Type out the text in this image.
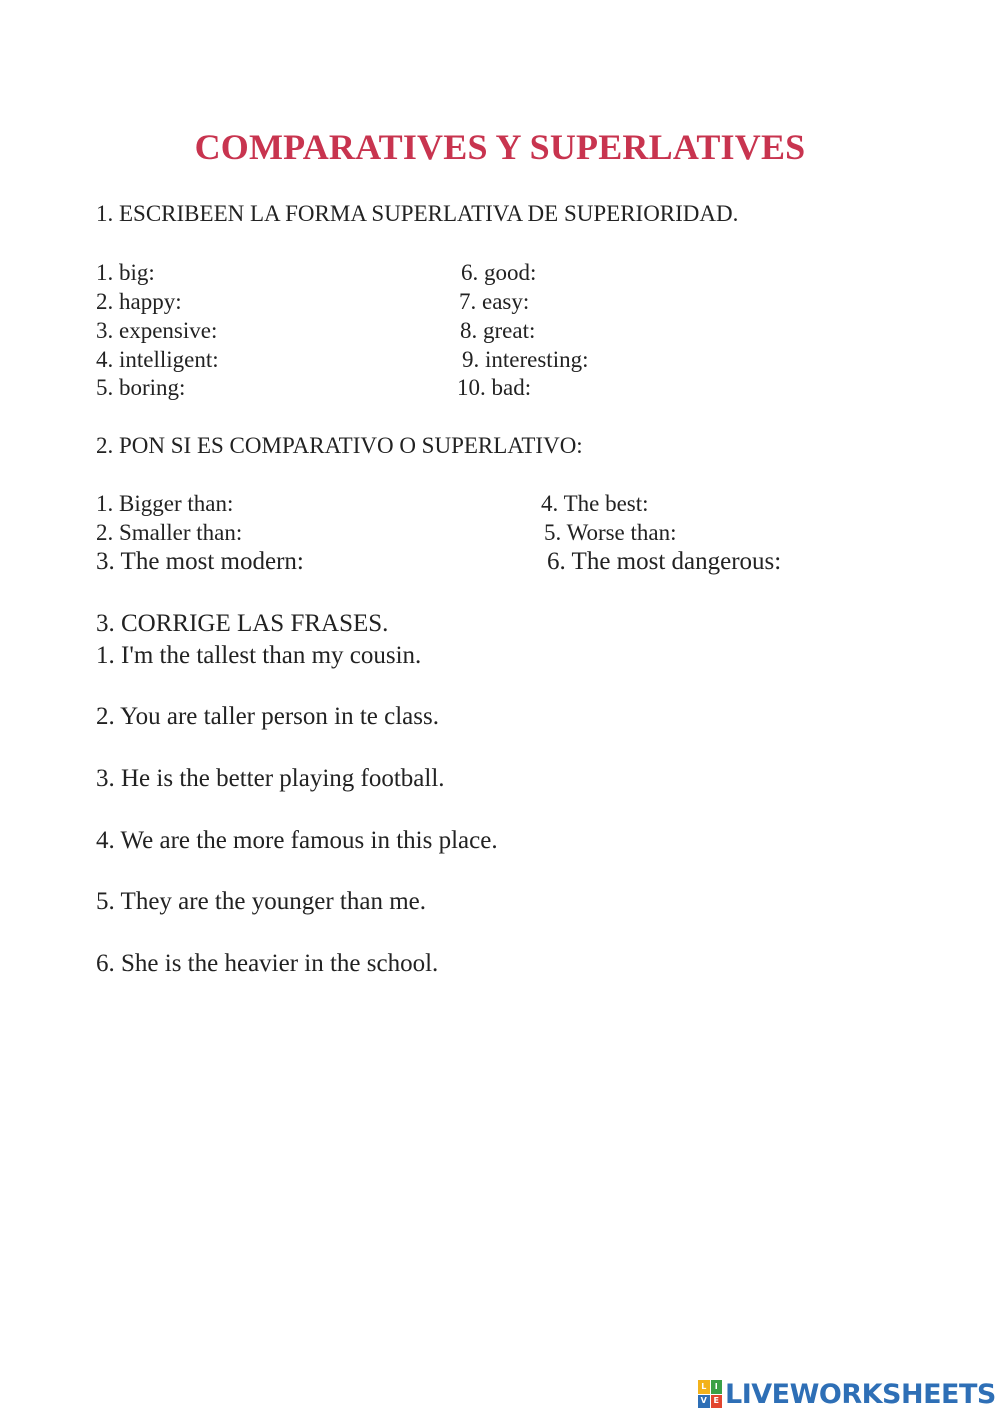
COMPARATIVES Y SUPERLATIVES
1. ESCRIBEEN LA FORMA SUPERLATIVA DE SUPERIORIDAD.
1. big:
2. happy:
3. expensive:
4. intelligent:
5. boring:
6. good:
7. easy:
8. great:
9. interesting:
10. bad:
2. PON SI ES COMPARATIVO O SUPERLATIVO:
1. Bigger than:
2. Smaller than:
3. The most modern:
4. The best:
5. Worse than:
6. The most dangerous:
3. CORRIGE LAS FRASES.
1. I'm the tallest than my cousin.
2. You are taller person in te class.
3. He is the better playing football.
4. We are the more famous in this place.
5. They are the younger than me.
6. She is the heavier in the school.
L	I
V E LIVEWORKSHEETS
